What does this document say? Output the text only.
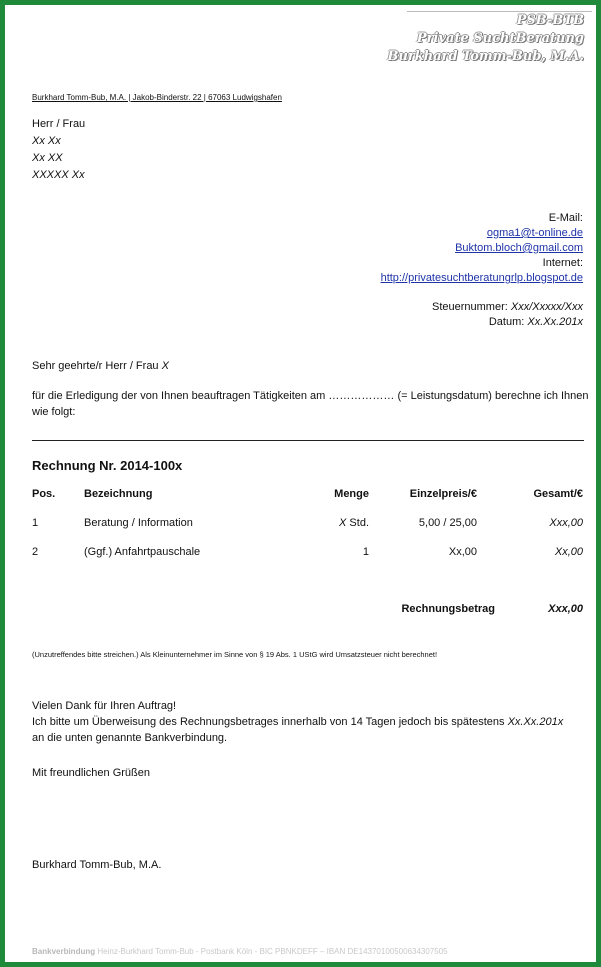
PSB-BTB
Private SuchtBeratung
Burkhard Tomm-Bub, M.A.
Burkhard Tomm-Bub, M.A. | Jakob-Binderstr. 22 | 67063 Ludwigshafen
Herr / Frau
Xx Xx
Xx XX
XXXXX Xx
E-Mail:
ogma1@t-online.de
Buktom.bloch@gmail.com
Internet:
http://privatesuchtberatungrlp.blogspot.de
Steuernummer: Xxx/Xxxxx/Xxx
Datum: Xx.Xx.201x
Sehr geehrte/r Herr / Frau X
für die Erledigung der von Ihnen beauftragen Tätigkeiten am ……………… (= Leistungsdatum) berechne ich Ihnen
wie folgt:
Rechnung Nr. 2014-100x
Pos.	Bezeichnung	Menge	Einzelpreis/€	Gesamt/€
1	Beratung / Information	X Std.	5,00 / 25,00	Xxx,00
2	(Ggf.) Anfahrtpauschale	1	Xx,00	Xx,00
Rechnungsbetrag	Xxx,00
(Unzutreffendes bitte streichen.) Als Kleinunternehmer im Sinne von § 19 Abs. 1 UStG wird Umsatzsteuer nicht berechnet!
Vielen Dank für Ihren Auftrag!
Ich bitte um Überweisung des Rechnungsbetrages innerhalb von 14 Tagen jedoch bis spätestens Xx.Xx.201x
an die unten genannte Bankverbindung.
Mit freundlichen Grüßen
Burkhard Tomm-Bub, M.A.
Bankverbindung Heinz-Burkhard Tomm-Bub - Postbank Köln - BIC PBNKDEFF – IBAN DE14370100500634307505
